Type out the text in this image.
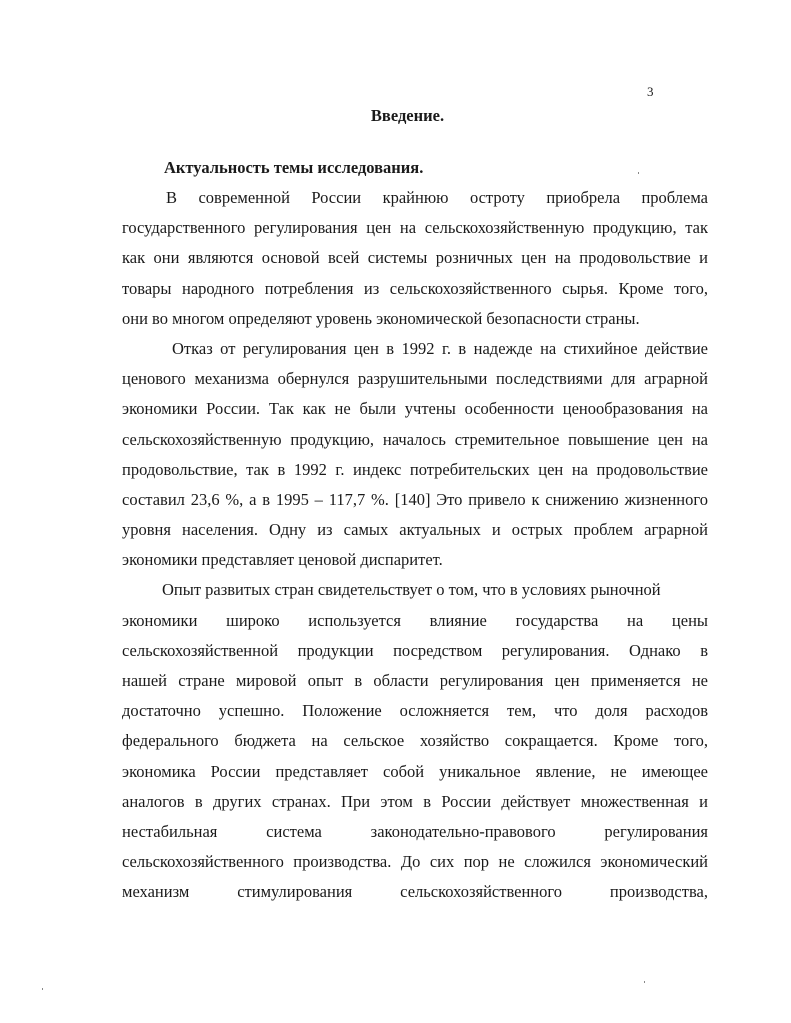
3
Введение.
Актуальность темы исследования.
В современной России крайнюю остроту приобрела проблема
государственного регулирования цен на сельскохозяйственную продукцию, так
как они являются основой всей системы розничных цен на продовольствие и
товары народного потребления из сельскохозяйственного сырья. Кроме того,
они во многом определяют уровень экономической безопасности страны.
Отказ от регулирования цен в 1992 г. в надежде на стихийное действие
ценового механизма обернулся разрушительными последствиями для аграрной
экономики России. Так как не были учтены особенности ценообразования на
сельскохозяйственную продукцию, началось стремительное повышение цен на
продовольствие, так в 1992 г. индекс потребительских цен на продовольствие
составил 23,6 %, а в 1995 – 117,7 %. [140] Это привело к снижению жизненного
уровня населения. Одну из самых актуальных и острых проблем аграрной
экономики представляет ценовой диспаритет.
Опыт развитых стран свидетельствует о том, что в условиях рыночной
экономики широко используется влияние государства на цены
сельскохозяйственной продукции посредством регулирования. Однако в
нашей стране мировой опыт в области регулирования цен применяется не
достаточно успешно. Положение осложняется тем, что доля расходов
федерального бюджета на сельское хозяйство сокращается. Кроме того,
экономика России представляет собой уникальное явление, не имеющее
аналогов в других странах. При этом в России действует множественная и
нестабильная система законодательно-правового регулирования
сельскохозяйственного производства. До сих пор не сложился экономический
механизм стимулирования сельскохозяйственного производства,
